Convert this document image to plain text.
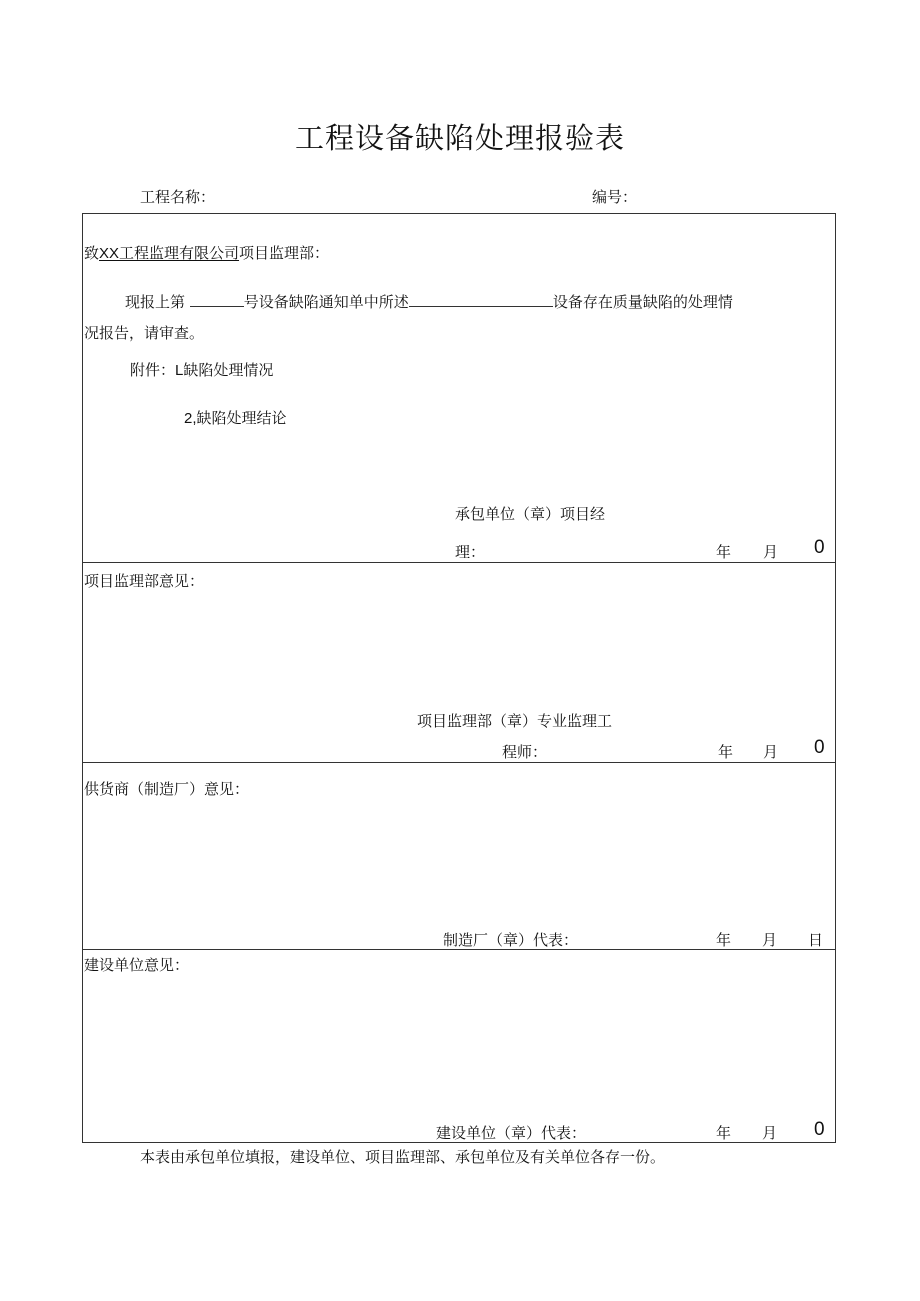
工程设备缺陷处理报验表
工程名称：	编号：
致XX工程监理有限公司项目监理部：
现报上第	号设备缺陷通知单中所述	设备存在质量缺陷的处理情
况报告，请审查。
附件：L缺陷处理情况
2,缺陷处理结论
承包单位（章）项目经
理：	年 月 0
项目监理部意见：
项目监理部（章）专业监理工
程师：	年 月 0
供货商（制造厂）意见：
制造厂（章）代表：	年 月 日
建设单位意见：
建设单位（章）代表：	年 月 0
本表由承包单位填报，建设单位、项目监理部、承包单位及有关单位各存一份。
